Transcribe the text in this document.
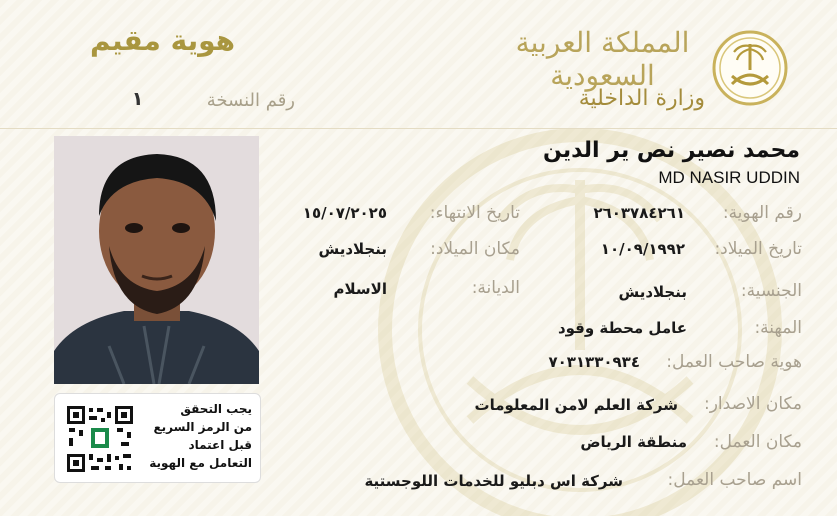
المملكة العربية السعودية
وزارة الداخلية
هوية مقيم
رقم النسخة
١
يجب التحقق
من الرمز السريع
قبل اعتماد
التعامل مع الهوية
محمد نصير نص ير الدين
MD NASIR UDDIN
رقم الهوية:
٢٦٠٣٧٨٤٢٦١
تاريخ الميلاد:
١٠/٠٩/١٩٩٢
الجنسية:
بنجلاديش
المهنة:
عامل محطة وقود
هوية صاحب العمل:
٧٠٣١٣٣٠٩٣٤
مكان الاصدار:
شركة العلم لامن المعلومات
مكان العمل:
منطقة الرياض
اسم صاحب العمل:
شركة اس دبليو للخدمات اللوجستية
تاريخ الانتهاء:
١٥/٠٧/٢٠٢٥
مكان الميلاد:
بنجلاديش
الديانة:
الاسلام
